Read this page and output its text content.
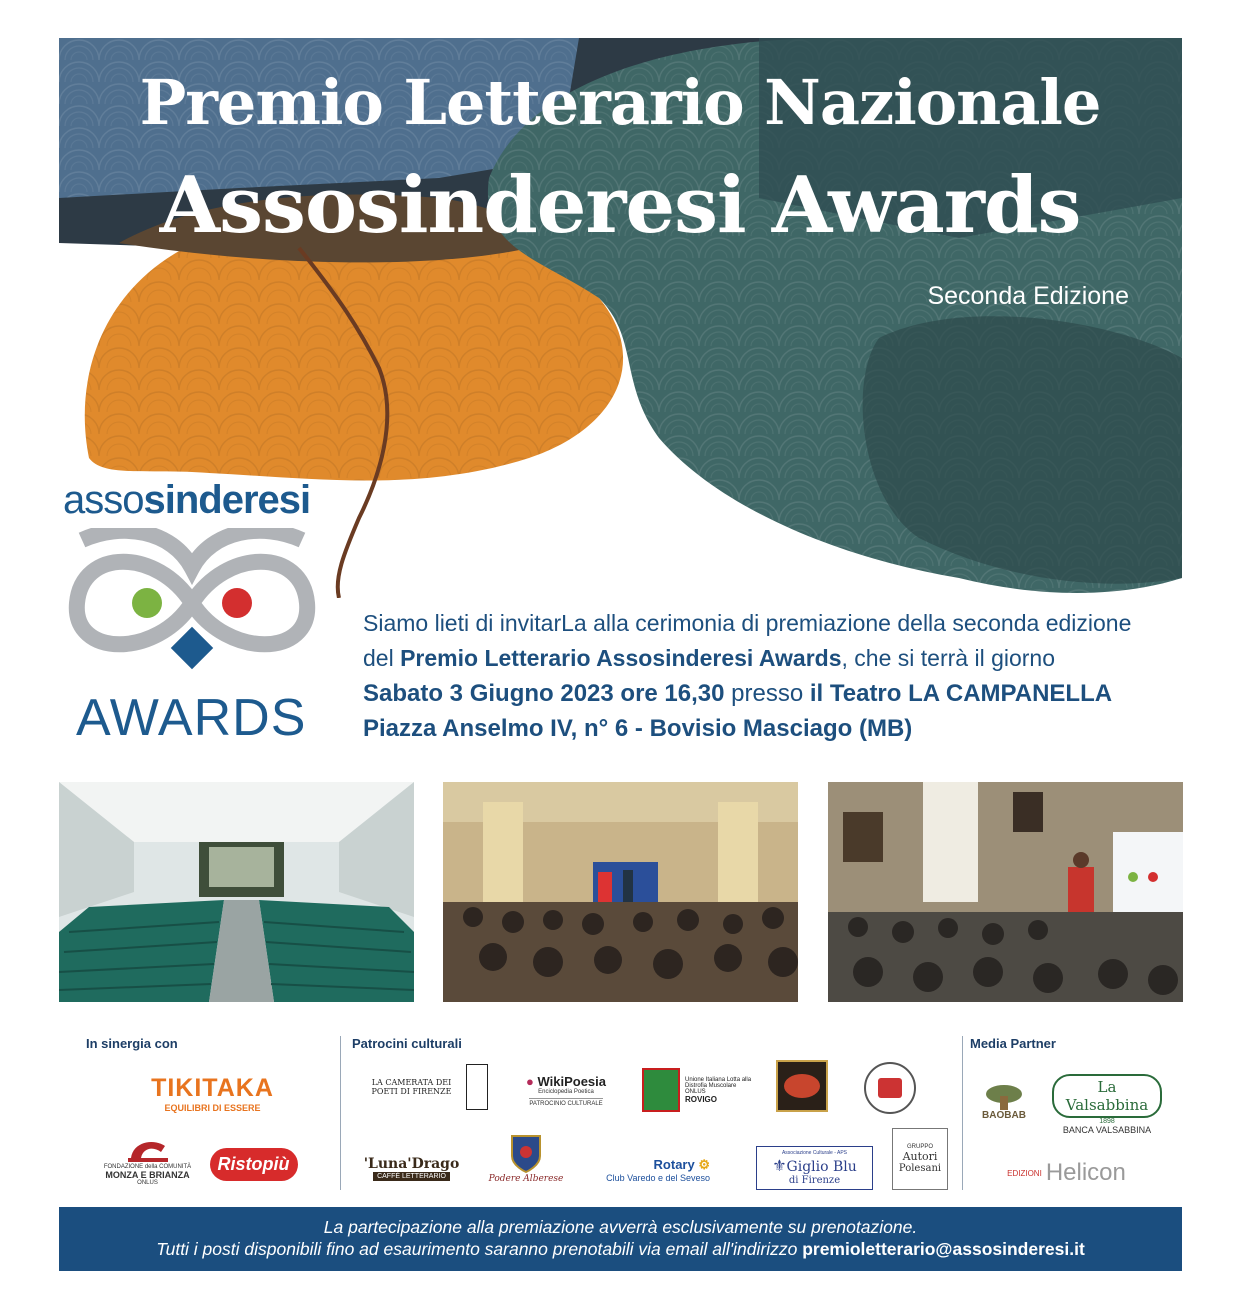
Premio Letterario Nazionale
Assosinderesi Awards
Seconda Edizione
assosinderesi
AWARDS
Siamo lieti di invitarLa alla cerimonia di premiazione della seconda edizione
del Premio Letterario Assosinderesi Awards, che si terrà il giorno
Sabato 3 Giugno 2023 ore 16,30 presso il Teatro LA CAMPANELLA
Piazza Anselmo IV, n° 6 - Bovisio Masciago (MB)
In sinergia con	Patrocini culturali	Media Partner
TIKITAKA
EQUILIBRI DI ESSERE
FONDAZIONE della COMUNITÀ
MONZA E BRIANZA
ONLUS
Ristopiù
LA CAMERATA DEI POETI DI FIRENZE
● WikiPoesia
Enciclopedia Poetica
PATROCINIO CULTURALE
Unione Italiana Lotta alla Distrofia Muscolare ONLUS
ROVIGO
'Luna'Drago
CAFFÈ LETTERARIO	Podere Alberese
Rotary ⚙
Club Varedo e del Seveso
Associazione Culturale - APS
⚜Giglio Blu
di Firenze
GRUPPO
Autori
Polesani
BAOBAB
La Valsabbina
1898
BANCA VALSABBINA
EDIZIONI Helicon
La partecipazione alla premiazione avverrà esclusivamente su prenotazione.
Tutti i posti disponibili fino ad esaurimento saranno prenotabili via email all'indirizzo premioletterario@assosinderesi.it
